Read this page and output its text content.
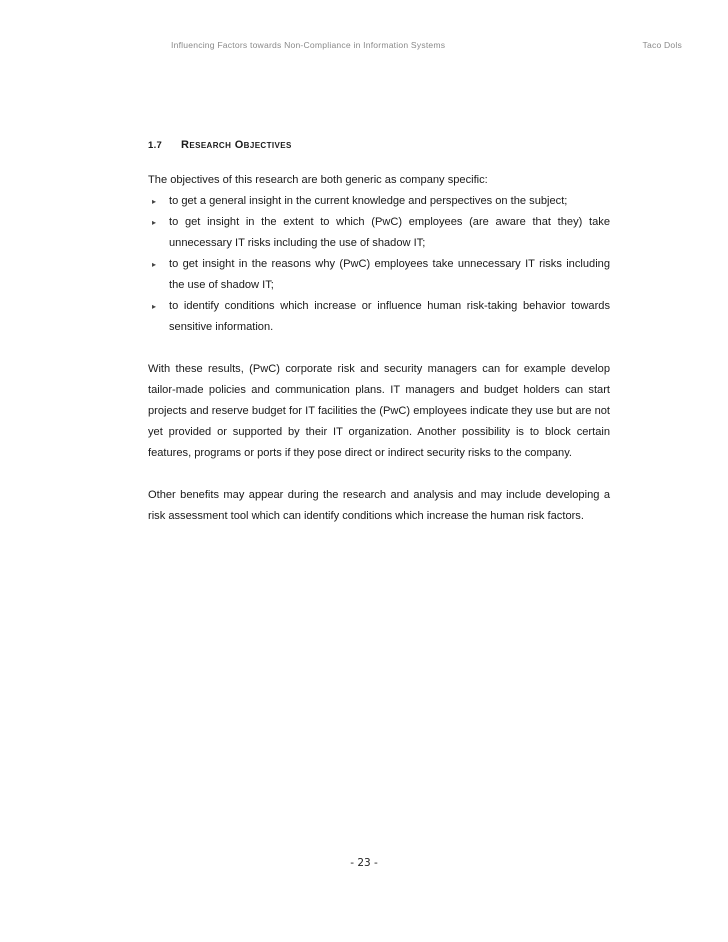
Influencing Factors towards Non-Compliance in Information Systems	Taco Dols
1.7 Research Objectives

The objectives of this research are both generic as company specific:

▸ to get a general insight in the current knowledge and perspectives on the subject;
▸ to get insight in the extent to which (PwC) employees (are aware that they) take unnecessary IT risks including the use of shadow IT;
▸ to get insight in the reasons why (PwC) employees take unnecessary IT risks including the use of shadow IT;
▸ to identify conditions which increase or influence human risk-taking behavior towards sensitive information.

With these results, (PwC) corporate risk and security managers can for example develop tailor-made policies and communication plans. IT managers and budget holders can start projects and reserve budget for IT facilities the (PwC) employees indicate they use but are not yet provided or supported by their IT organization. Another possibility is to block certain features, programs or ports if they pose direct or indirect security risks to the company.

Other benefits may appear during the research and analysis and may include developing a risk assessment tool which can identify conditions which increase the human risk factors.

- 23 -
